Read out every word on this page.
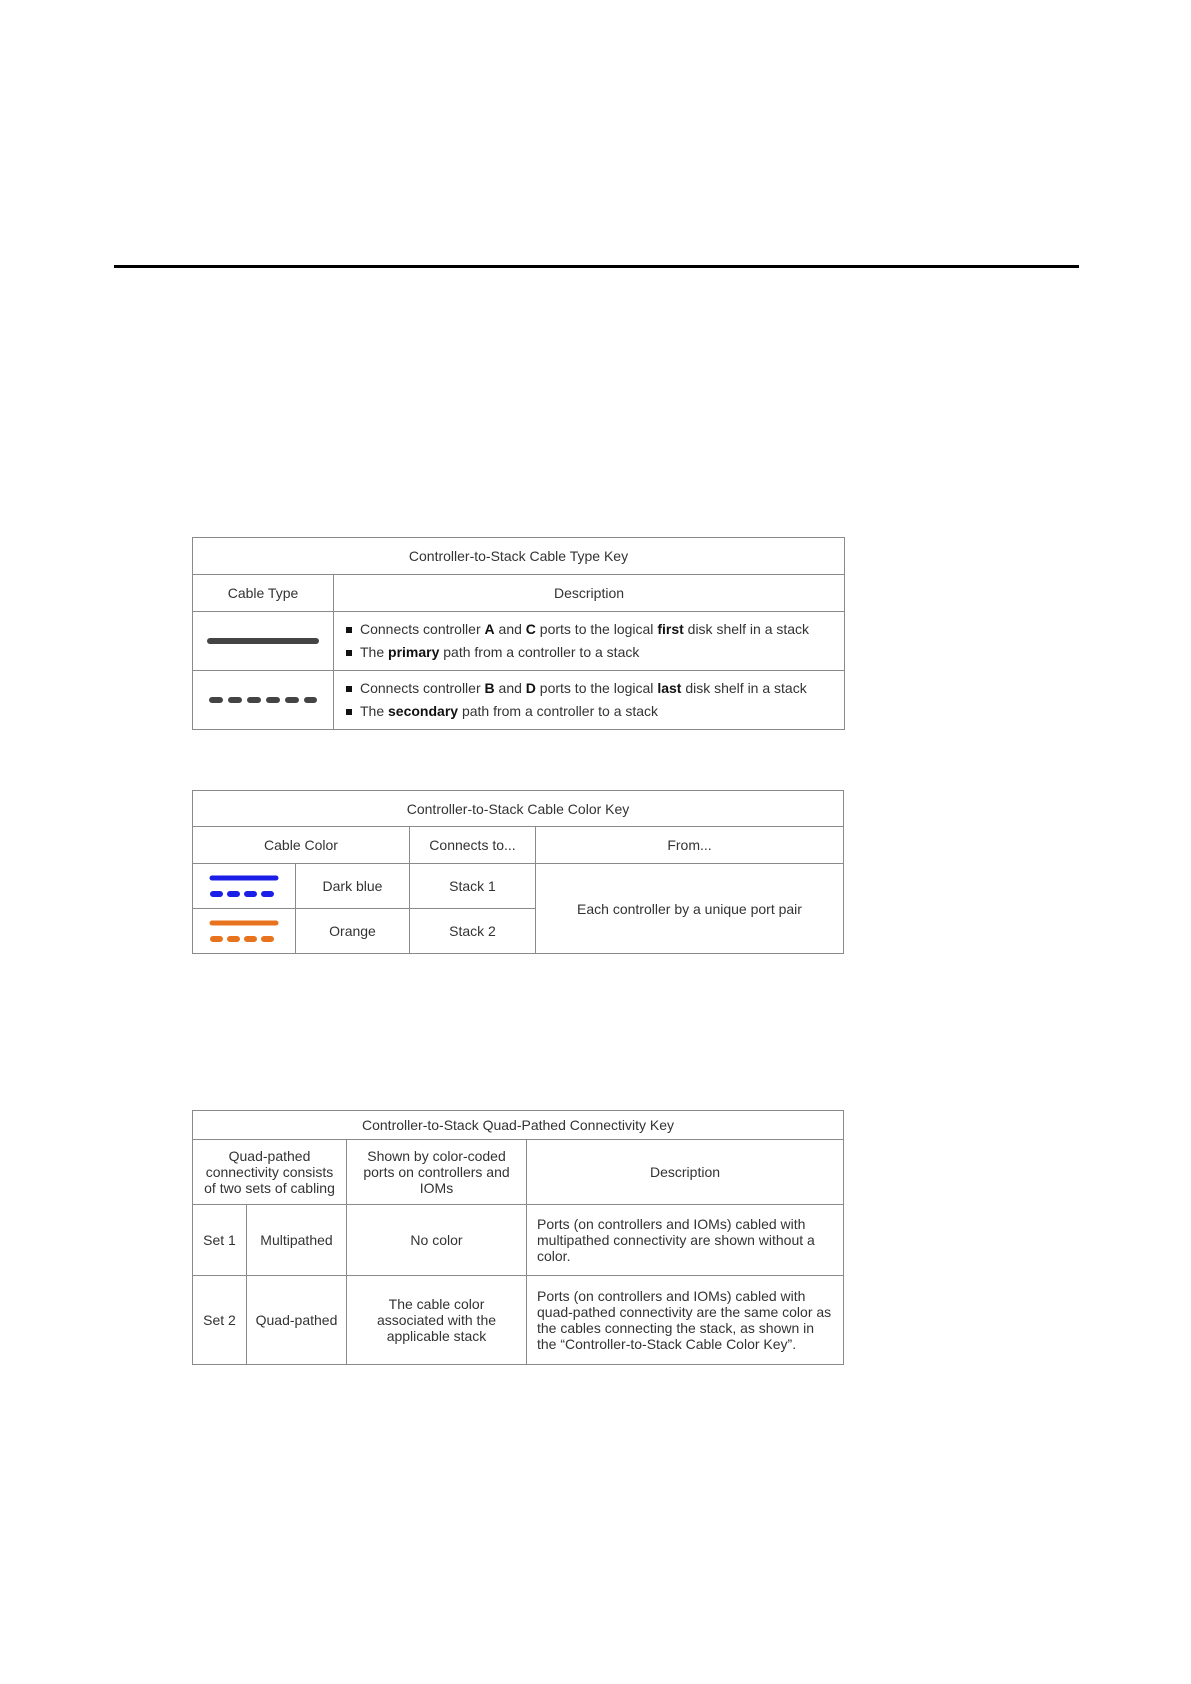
Controller-to-Stack Cable Type Key	
Cable Type	Description

Connects controller A and C ports to the logical first disk shelf in a stack
The primary path from a controller to a stack

Connects controller B and D ports to the logical last disk shelf in a stack
The secondary path from a controller to a stack
Controller-to-Stack Cable Color Key			
Cable Color		Connects to...	From...

	Dark blue	Stack 1	Each controller by a unique port pair

	Orange	Stack 2	
Controller-to-Stack Quad-Pathed Connectivity Key			
Quad-pathed connectivity consists of two sets of cabling		Shown by color-coded ports on controllers and IOMs	Description
Set 1	Multipathed	No color	Ports (on controllers and IOMs) cabled with multipathed connectivity are shown without a color.
Set 2	Quad-pathed	The cable color associated with the applicable stack	Ports (on controllers and IOMs) cabled with quad-pathed connectivity are the same color as the cables connecting the stack, as shown in the “Controller-to-Stack Cable Color Key”.
